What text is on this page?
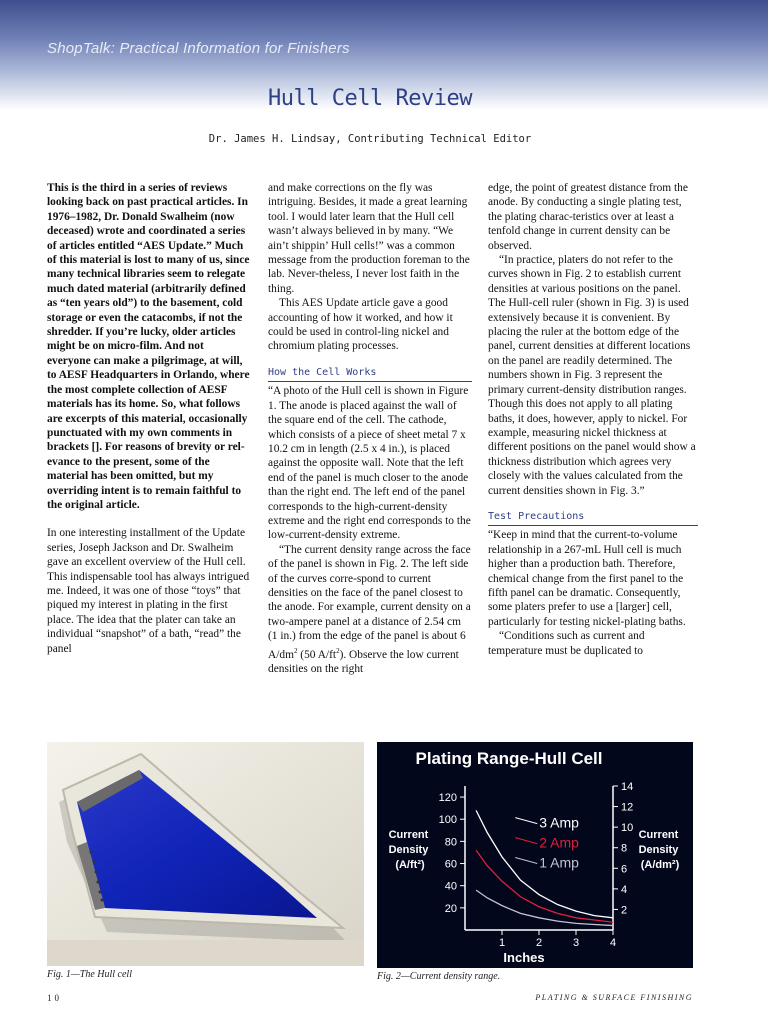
ShopTalk: Practical Information for Finishers
Hull Cell Review
Dr. James H. Lindsay, Contributing Technical Editor

This is the third in a series of reviews looking back on past practical articles. In 1976–1982, Dr. Donald Swalheim (now deceased) wrote and coordinated a series of articles entitled “AES Update.” Much of this material is lost to many of us, since many technical libraries seem to relegate much dated material (arbitrarily defined as “ten years old”) to the basement, cold storage or even the catacombs, if not the shredder. If you’re lucky, older articles might be on micro-film. And not everyone can make a pilgrimage, at will, to AESF Headquarters in Orlando, where the most complete collection of AESF materials has its home. So, what follows are excerpts of this material, occasionally punctuated with my own comments in brackets []. For reasons of brevity or rel-evance to the present, some of the material has been omitted, but my overriding intent is to remain faithful to the original article.

In one interesting installment of the Update series, Joseph Jackson and Dr. Swalheim gave an excellent overview of the Hull cell. This indispensable tool has always intrigued me. Indeed, it was one of those “toys” that piqued my interest in plating in the first place. The idea that the plater can take an individual “snapshot” of a bath, “read” the panel

and make corrections on the fly was intriguing. Besides, it made a great learning tool. I would later learn that the Hull cell wasn’t always believed in by many. “We ain’t shippin’ Hull cells!” was a common message from the production foreman to the lab. Never-theless, I never lost faith in the thing.

This AES Update article gave a good accounting of how it worked, and how it could be used in control-ling nickel and chromium plating processes.

How the Cell Works

“A photo of the Hull cell is shown in Figure 1. The anode is placed against the wall of the square end of the cell. The cathode, which consists of a piece of sheet metal 7 x 10.2 cm in length (2.5 x 4 in.), is placed against the opposite wall. Note that the left end of the panel is much closer to the anode than the right end. The left end of the panel corresponds to the high-current-density extreme and the right end corresponds to the low-current-density extreme.

“The current density range across the face of the panel is shown in Fig. 2. The left side of the curves corre-spond to current densities on the face of the panel closest to the anode. For example, current density on a two-ampere panel at a distance of 2.54 cm (1 in.) from the edge of the panel is about 6 $A/dm^2$ (50 $A/ft^2$). Observe the low current densities on the right

edge, the point of greatest distance from the anode. By conducting a single plating test, the plating charac-teristics over at least a tenfold change in current density can be observed.

“In practice, platers do not refer to the curves shown in Fig. 2 to establish current densities at various positions on the panel. The Hull-cell ruler (shown in Fig. 3) is used extensively because it is convenient. By placing the ruler at the bottom edge of the panel, current densities at different locations on the panel are readily determined. The numbers shown in Fig. 3 represent the primary current-density distribution ranges. Though this does not apply to all plating baths, it does, however, apply to nickel. For example, measuring nickel thickness at different positions on the panel would show a thickness distribution which agrees very closely with the values calculated from the current densities shown in Fig. 3.”

Test Precautions

“Keep in mind that the current-to-volume relationship in a 267-mL Hull cell is much higher than a production bath. Therefore, chemical change from the first panel to the fifth panel can be dramatic. Consequently, some platers prefer to use a [larger] cell, particularly for testing nickel-plating baths.

“Conditions such as current and temperature must be duplicated to

Fig. 1—The Hull cell
Plating Range-Hull Cell
Current Density (A/ft²)
Current Density (A/dm²)
Inches
20
40
60
80
100
120
2
4
6
8
10
12
14
1	2	3	4
3 Amp
2 Amp
1 Amp
Fig. 2—Current density range.
10	PLATING & SURFACE FINISHING
